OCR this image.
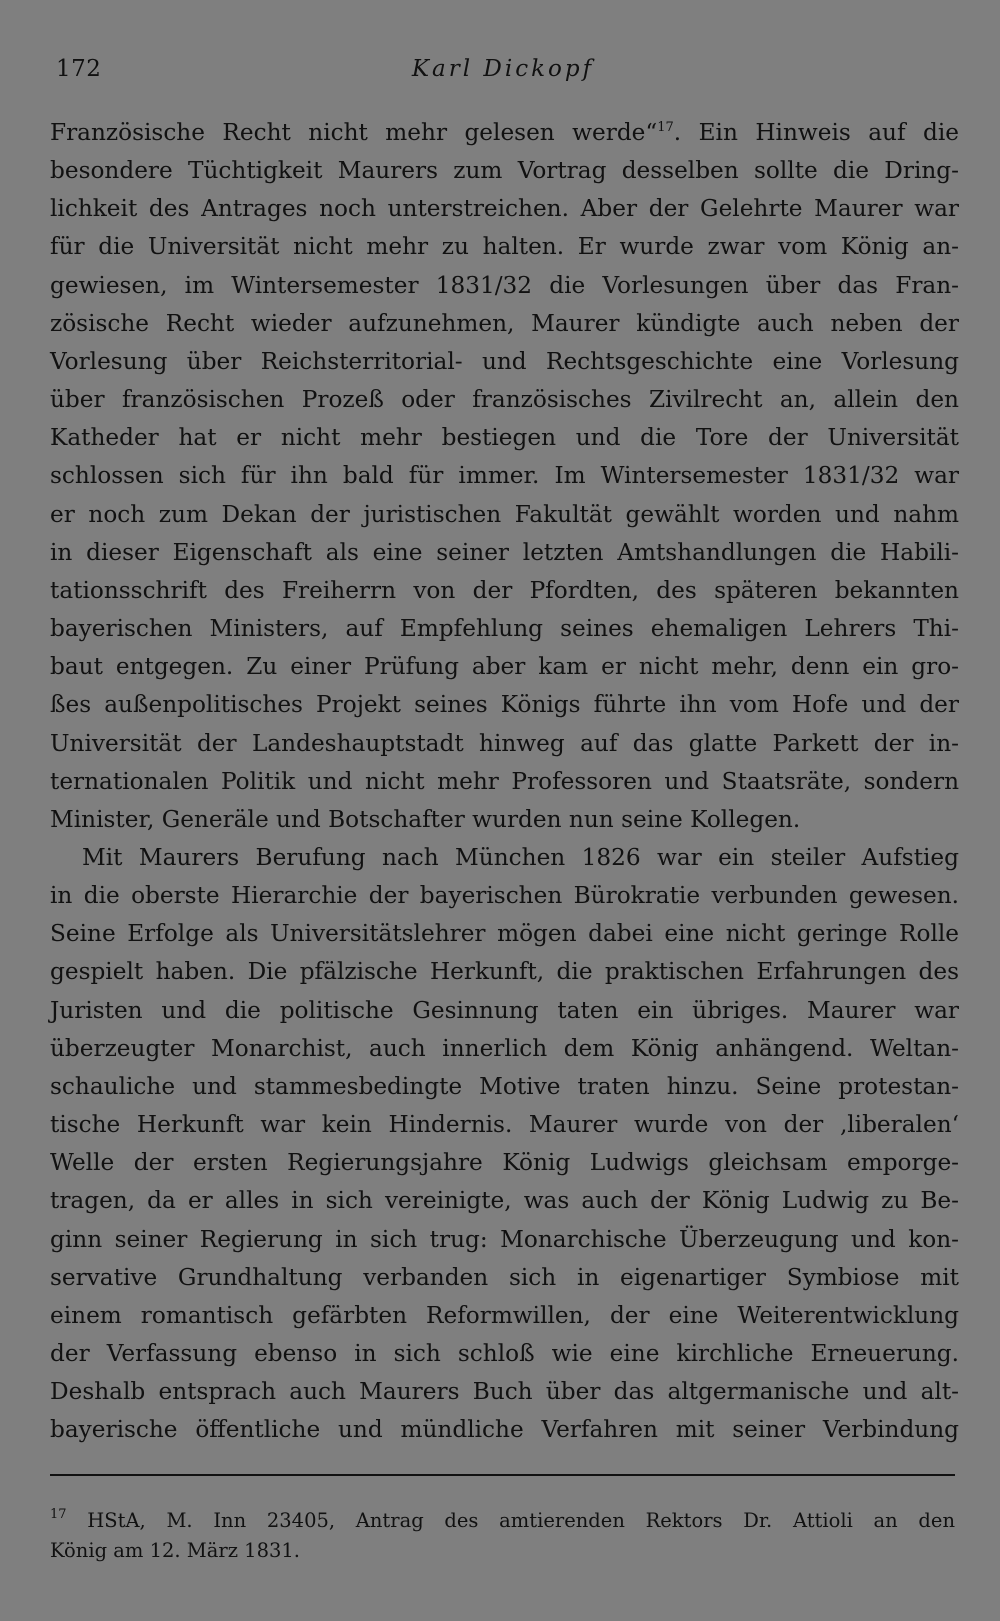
172	Karl Dickopf
Französische Recht nicht mehr gelesen werde“$^{17}$. Ein Hinweis auf die
besondere Tüchtigkeit Maurers zum Vortrag desselben sollte die Dring-
lichkeit des Antrages noch unterstreichen. Aber der Gelehrte Maurer war
für die Universität nicht mehr zu halten. Er wurde zwar vom König an-
gewiesen, im Wintersemester 1831/32 die Vorlesungen über das Fran-
zösische Recht wieder aufzunehmen, Maurer kündigte auch neben der
Vorlesung über Reichsterritorial- und Rechtsgeschichte eine Vorlesung
über französischen Prozeß oder französisches Zivilrecht an, allein den
Katheder hat er nicht mehr bestiegen und die Tore der Universität
schlossen sich für ihn bald für immer. Im Wintersemester 1831/32 war
er noch zum Dekan der juristischen Fakultät gewählt worden und nahm
in dieser Eigenschaft als eine seiner letzten Amtshandlungen die Habili-
tationsschrift des Freiherrn von der Pfordten, des späteren bekannten
bayerischen Ministers, auf Empfehlung seines ehemaligen Lehrers Thi-
baut entgegen. Zu einer Prüfung aber kam er nicht mehr, denn ein gro-
ßes außenpolitisches Projekt seines Königs führte ihn vom Hofe und der
Universität der Landeshauptstadt hinweg auf das glatte Parkett der in-
ternationalen Politik und nicht mehr Professoren und Staatsräte, sondern
Minister, Generäle und Botschafter wurden nun seine Kollegen.
Mit Maurers Berufung nach München 1826 war ein steiler Aufstieg
in die oberste Hierarchie der bayerischen Bürokratie verbunden gewesen.
Seine Erfolge als Universitätslehrer mögen dabei eine nicht geringe Rolle
gespielt haben. Die pfälzische Herkunft, die praktischen Erfahrungen des
Juristen und die politische Gesinnung taten ein übriges. Maurer war
überzeugter Monarchist, auch innerlich dem König anhängend. Weltan-
schauliche und stammesbedingte Motive traten hinzu. Seine protestan-
tische Herkunft war kein Hindernis. Maurer wurde von der ‚liberalen‘
Welle der ersten Regierungsjahre König Ludwigs gleichsam emporge-
tragen, da er alles in sich vereinigte, was auch der König Ludwig zu Be-
ginn seiner Regierung in sich trug: Monarchische Überzeugung und kon-
servative Grundhaltung verbanden sich in eigenartiger Symbiose mit
einem romantisch gefärbten Reformwillen, der eine Weiterentwicklung
der Verfassung ebenso in sich schloß wie eine kirchliche Erneuerung.
Deshalb entsprach auch Maurers Buch über das altgermanische und alt-
bayerische öffentliche und mündliche Verfahren mit seiner Verbindung
$^{17}$ HStA, M. Inn 23405, Antrag des amtierenden Rektors Dr. Attioli an den
König am 12. März 1831.
